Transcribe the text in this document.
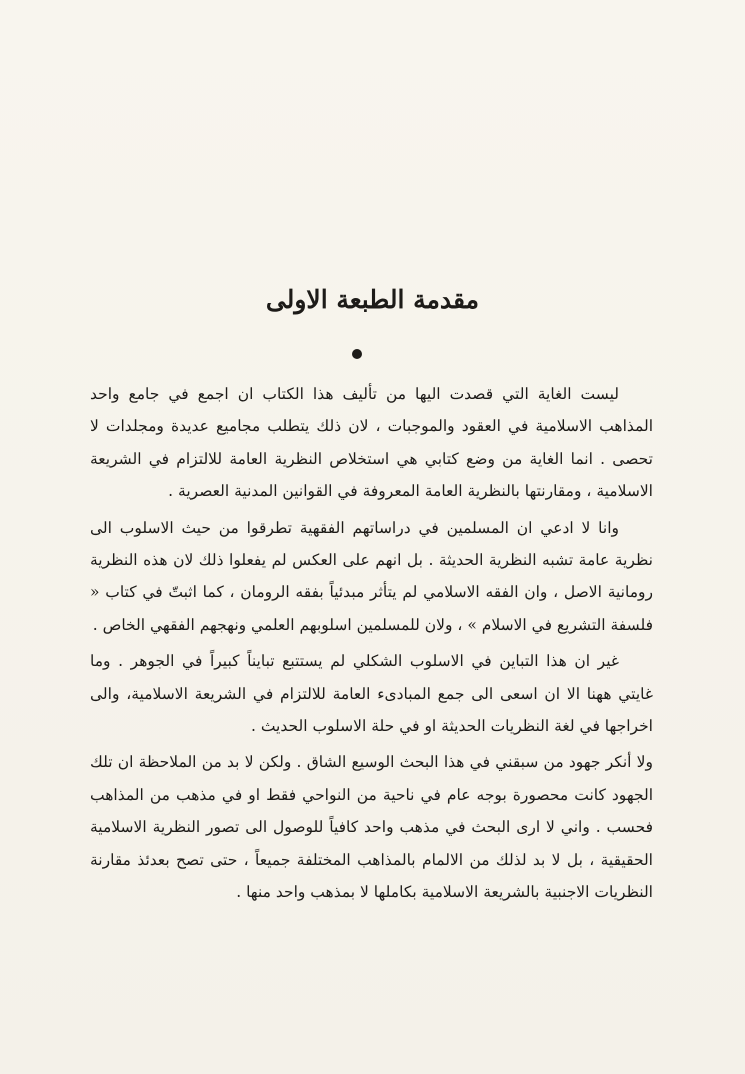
مقدمة الطبعة الاولى

ليست الغاية التي قصدت اليها من تأليف هذا الكتاب ان اجمع في جامع واحد المذاهب الاسلامية في العقود والموجبات ، لان ذلك يتطلب مجاميع عديدة ومجلدات لا تحصى . انما الغاية من وضع كتابي هي استخلاص النظرية العامة للالتزام في الشريعة الاسلامية ، ومقارنتها بالنظرية العامة المعروفة في القوانين المدنية العصرية .

وانا لا ادعي ان المسلمين في دراساتهم الفقهية تطرقوا من حيث الاسلوب الى نظرية عامة تشبه النظرية الحديثة . بل انهم على العكس لم يفعلوا ذلك لان هذه النظرية رومانية الاصل ، وان الفقه الاسلامي لم يتأثر مبدئياً بفقه الرومان ، كما اثبتّ في كتاب « فلسفة التشريع في الاسلام » ، ولان للمسلمين اسلوبهم العلمي ونهجهم الفقهي الخاص .

غير ان هذا التباين في الاسلوب الشكلي لم يستتبع تبايناً كبيراً في الجوهر . وما غايتي ههنا الا ان اسعى الى جمع المبادىء العامة للالتزام في الشريعة الاسلامية، والى اخراجها في لغة النظريات الحديثة او في حلة الاسلوب الحديث .

ولا أنكر جهود من سبقني في هذا البحث الوسيع الشاق . ولكن لا بد من الملاحظة ان تلك الجهود كانت محصورة بوجه عام في ناحية من النواحي فقط او في مذهب من المذاهب فحسب . واني لا ارى البحث في مذهب واحد كافياً للوصول الى تصور النظرية الاسلامية الحقيقية ، بل لا بد لذلك من الالمام بالمذاهب المختلفة جميعاً ، حتى تصح بعدئذ مقارنة النظريات الاجنبية بالشريعة الاسلامية بكاملها لا بمذهب واحد منها .
